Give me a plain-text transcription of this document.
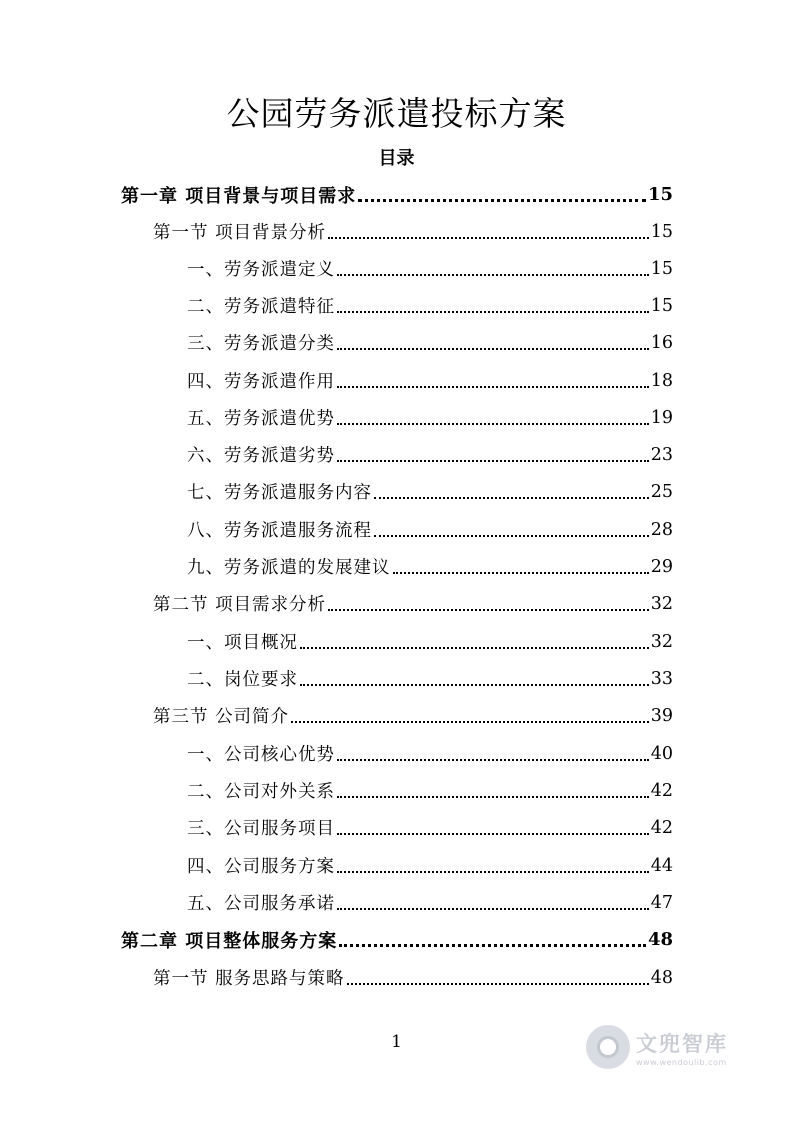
公园劳务派遣投标方案
目录
第一章 项目背景与项目需求	15
第一节 项目背景分析	15
一、劳务派遣定义	15
二、劳务派遣特征	15
三、劳务派遣分类	16
四、劳务派遣作用	18
五、劳务派遣优势	19
六、劳务派遣劣势	23
七、劳务派遣服务内容	25
八、劳务派遣服务流程	28
九、劳务派遣的发展建议	29
第二节 项目需求分析	32
一、项目概况	32
二、岗位要求	33
第三节 公司简介	39
一、公司核心优势	40
二、公司对外关系	42
三、公司服务项目	42
四、公司服务方案	44
五、公司服务承诺	47
第二章 项目整体服务方案	48
第一节 服务思路与策略	48
1	文兜智库
www.wendoulib.com
